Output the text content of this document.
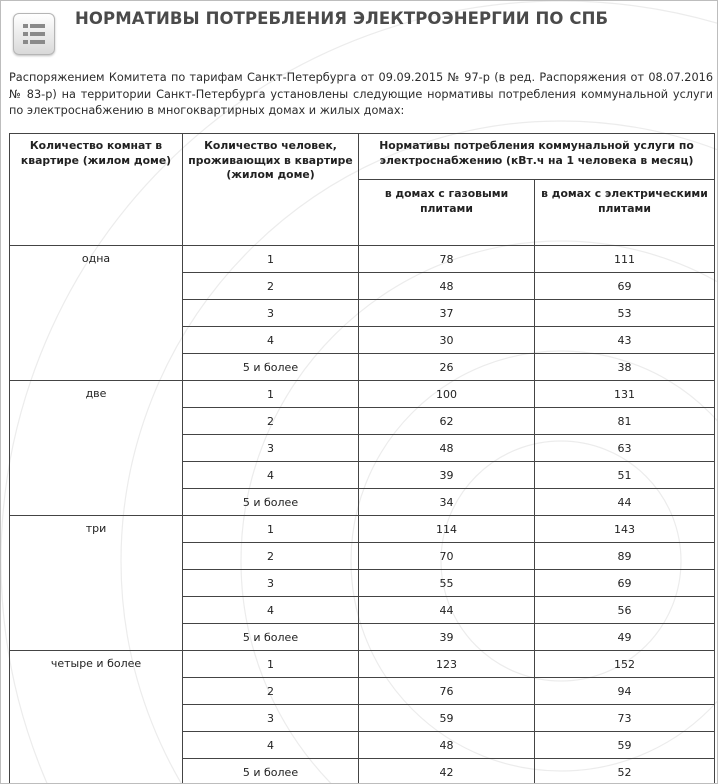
НОРМАТИВЫ ПОТРЕБЛЕНИЯ ЭЛЕКТРОЭНЕРГИИ ПО СПБ
Распоряжением Комитета по тарифам Санкт-Петербурга от 09.09.2015 № 97-р (в ред. Распоряжения от 08.07.2016 № 83-р) на территории Санкт-Петербурга установлены следующие нормативы потребления коммунальной услуги по электроснабжению в многоквартирных домах и жилых домах:
Количество комнат в квартире (жилом доме)	Количество человек, проживающих в квартире (жилом доме)	Нормативы потребления коммунальной услуги по электроснабжению (кВт.ч на 1 человека в месяц)	
		в домах с газовыми плитами	в домах с электрическими плитами
одна	1	78	111
	2	48	69
	3	37	53
	4	30	43
	5 и более	26	38
две	1	100	131
	2	62	81
	3	48	63
	4	39	51
	5 и более	34	44
три	1	114	143
	2	70	89
	3	55	69
	4	44	56
	5 и более	39	49
четыре и более	1	123	152
	2	76	94
	3	59	73
	4	48	59
	5 и более	42	52
